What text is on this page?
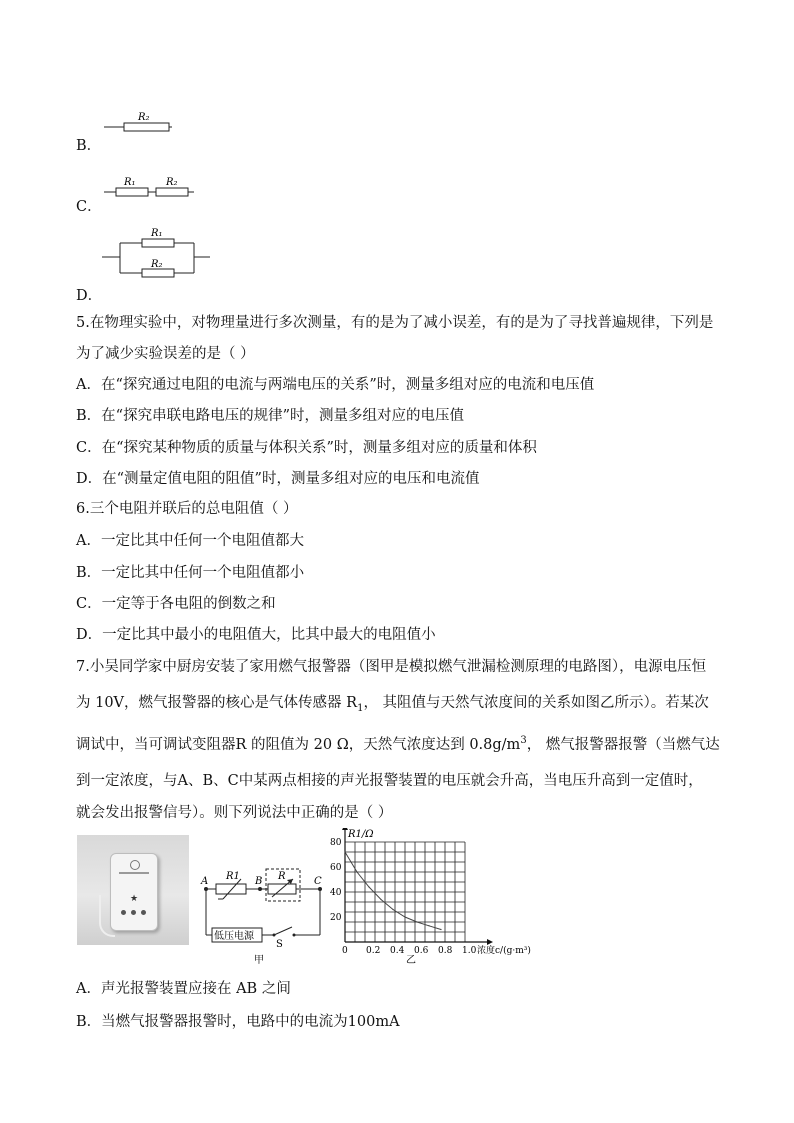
R₂
B．
R₁	R₂
C．
R₁
R₂
D．
5.在物理实验中，对物理量进行多次测量，有的是为了减小误差，有的是为了寻找普遍规律，下列是
为了减少实验误差的是（ ）
A．在“探究通过电阻的电流与两端电压的关系”时，测量多组对应的电流和电压值
B．在“探究串联电路电压的规律”时，测量多组对应的电压值
C．在“探究某种物质的质量与体积关系”时，测量多组对应的质量和体积
D．在“测量定值电阻的阻值”时，测量多组对应的电压和电流值
6.三个电阻并联后的总电阻值（ ）
A．一定比其中任何一个电阻值都大
B．一定比其中任何一个电阻值都小
C．一定等于各电阻的倒数之和
D．一定比其中最小的电阻值大，比其中最大的电阻值小
7.小吴同学家中厨房安装了家用燃气报警器（图甲是模拟燃气泄漏检测原理的电路图），电源电压恒
为 10V，燃气报警器的核心是气体传感器 $R_1$， 其阻值与天然气浓度间的关系如图乙所示）。若某次
调试中，当可调试变阻器R 的阻值为 20 Ω，天然气浓度达到 $0.8g/m^3$， 燃气报警器报警（当燃气达
到一定浓度，与A、B、C中某两点相接的声光报警装置的电压就会升高，当电压升高到一定值时，
就会发出报警信号）。则下列说法中正确的是（ ）
★
A	B	C
R1	R
低压电源
S
甲
0 0.2 0.4 0.6 0.8 1.0
20
40
60
80
R1/Ω
浓度c/(g·m³)
乙
A．声光报警装置应接在 AB 之间
B．当燃气报警器报警时，电路中的电流为100mA
